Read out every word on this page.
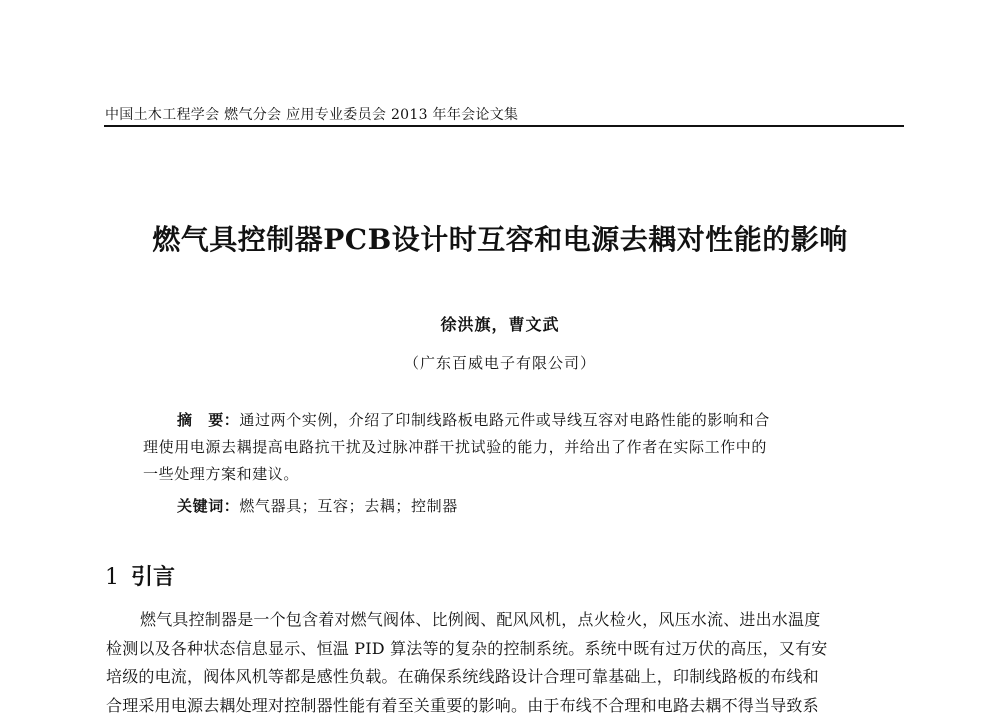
中国土木工程学会 燃气分会 应用专业委员会 2013 年年会论文集
燃气具控制器PCB设计时互容和电源去耦对性能的影响
徐洪旗，曹文武
（广东百威电子有限公司）
摘　要：通过两个实例，介绍了印制线路板电路元件或导线互容对电路性能的影响和合
理使用电源去耦提高电路抗干扰及过脉冲群干扰试验的能力，并给出了作者在实际工作中的
一些处理方案和建议。
关键词：燃气器具；互容；去耦；控制器
1 引言
燃气具控制器是一个包含着对燃气阀体、比例阀、配风风机，点火检火，风压水流、进出水温度
检测以及各种状态信息显示、恒温 PID 算法等的复杂的控制系统。系统中既有过万伏的高压，又有安
培级的电流，阀体风机等都是感性负载。在确保系统线路设计合理可靠基础上，印制线路板的布线和
合理采用电源去耦处理对控制器性能有着至关重要的影响。由于布线不合理和电路去耦不得当导致系
